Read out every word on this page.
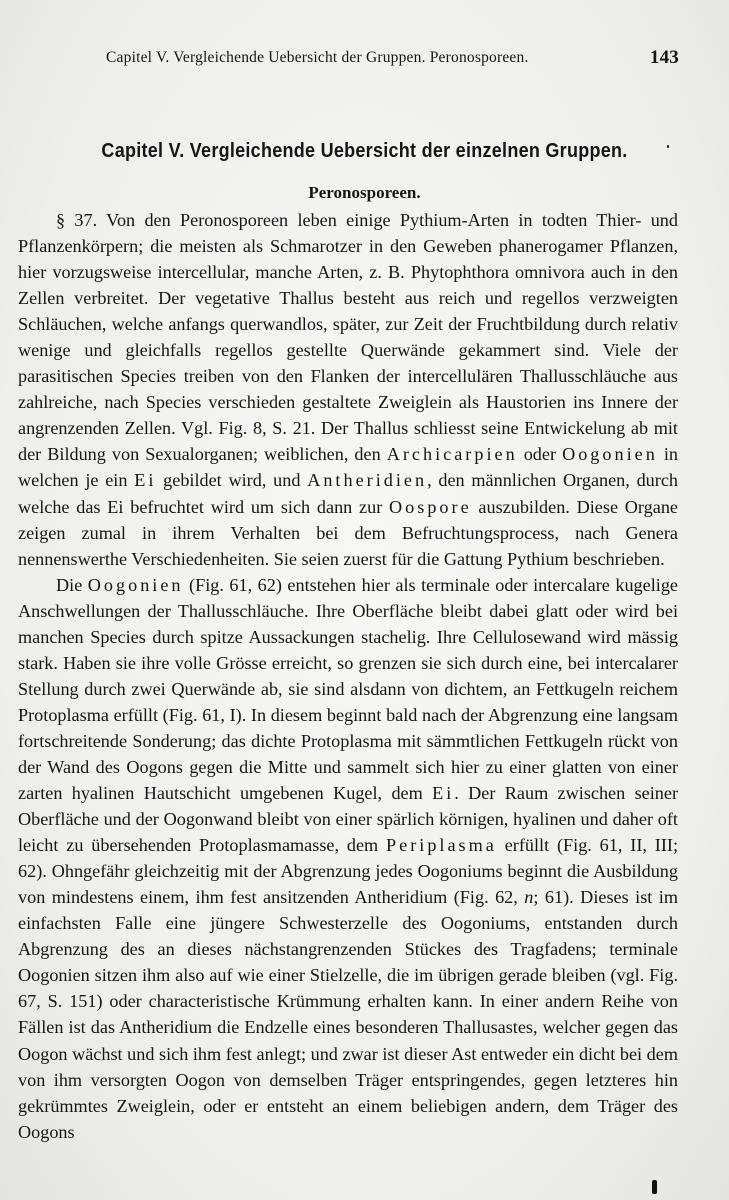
Capitel V. Vergleichende Uebersicht der Gruppen. Peronosporeen.	143
Capitel V. Vergleichende Uebersicht der einzelnen Gruppen.
Peronosporeen.

§ 37. Von den Peronosporeen leben einige Pythium-Arten in todten Thier- und Pflanzenkörpern; die meisten als Schmarotzer in den Geweben phanerogamer Pflanzen, hier vorzugsweise intercellular, manche Arten, z. B. Phytophthora omnivora auch in den Zellen verbreitet. Der vegetative Thallus besteht aus reich und regellos verzweigten Schläuchen, welche anfangs querwandlos, später, zur Zeit der Fruchtbildung durch relativ wenige und gleichfalls regellos gestellte Querwände gekammert sind. Viele der parasitischen Species treiben von den Flanken der intercellulären Thallusschläuche aus zahlreiche, nach Species verschieden gestaltete Zweiglein als Haustorien ins Innere der angrenzenden Zellen. Vgl. Fig. 8, S. 21. Der Thallus schliesst seine Entwickelung ab mit der Bildung von Sexualorganen; weiblichen, den Archicarpien oder Oogonien in welchen je ein Ei gebildet wird, und Antheridien, den männlichen Organen, durch welche das Ei befruchtet wird um sich dann zur Oospore auszubilden. Diese Organe zeigen zumal in ihrem Verhalten bei dem Befruchtungsprocess, nach Genera nennenswerthe Verschiedenheiten. Sie seien zuerst für die Gattung Pythium beschrieben.

Die Oogonien (Fig. 61, 62) entstehen hier als terminale oder intercalare kugelige Anschwellungen der Thallusschläuche. Ihre Oberfläche bleibt dabei glatt oder wird bei manchen Species durch spitze Aussackungen stachelig. Ihre Cellulosewand wird mässig stark. Haben sie ihre volle Grösse erreicht, so grenzen sie sich durch eine, bei intercalarer Stellung durch zwei Querwände ab, sie sind alsdann von dichtem, an Fettkugeln reichem Protoplasma erfüllt (Fig. 61, I). In diesem beginnt bald nach der Abgrenzung eine langsam fortschreitende Sonderung; das dichte Protoplasma mit sämmtlichen Fettkugeln rückt von der Wand des Oogons gegen die Mitte und sammelt sich hier zu einer glatten von einer zarten hyalinen Hautschicht umgebenen Kugel, dem Ei. Der Raum zwischen seiner Oberfläche und der Oogonwand bleibt von einer spärlich körnigen, hyalinen und daher oft leicht zu übersehenden Protoplasmamasse, dem Periplasma erfüllt (Fig. 61, II, III; 62). Ohngefähr gleichzeitig mit der Abgrenzung jedes Oogoniums beginnt die Ausbildung von mindestens einem, ihm fest ansitzenden Antheridium (Fig. 62, n; 61). Dieses ist im einfachsten Falle eine jüngere Schwesterzelle des Oogoniums, entstanden durch Abgrenzung des an dieses nächstangrenzenden Stückes des Tragfadens; terminale Oogonien sitzen ihm also auf wie einer Stielzelle, die im übrigen gerade bleiben (vgl. Fig. 67, S. 151) oder characteristische Krümmung erhalten kann. In einer andern Reihe von Fällen ist das Antheridium die Endzelle eines besonderen Thallusastes, welcher gegen das Oogon wächst und sich ihm fest anlegt; und zwar ist dieser Ast entweder ein dicht bei dem von ihm versorgten Oogon von demselben Träger entspringendes, gegen letzteres hin gekrümmtes Zweiglein, oder er entsteht an einem beliebigen andern, dem Träger des Oogons
